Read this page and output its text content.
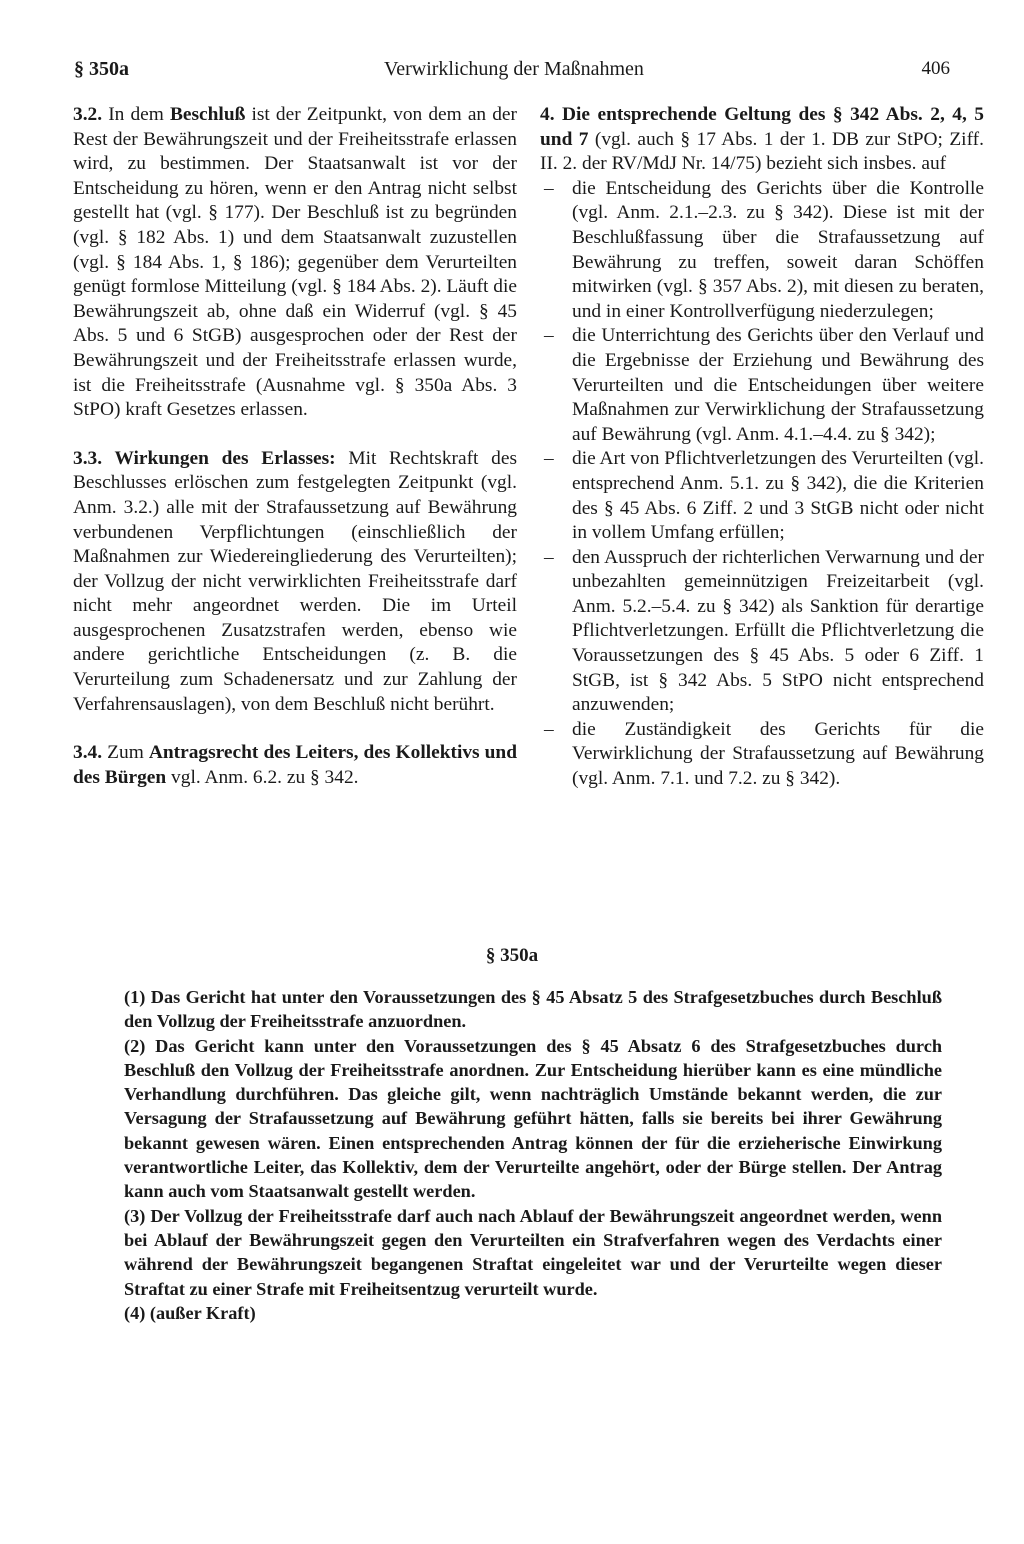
§ 350a	Verwirklichung der Maßnahmen	406

3.2. In dem Beschluß ist der Zeitpunkt, von dem an der Rest der Bewährungszeit und der Freiheitsstrafe erlassen wird, zu bestimmen. Der Staatsanwalt ist vor der Entscheidung zu hören, wenn er den Antrag nicht selbst gestellt hat (vgl. § 177). Der Beschluß ist zu begründen (vgl. § 182 Abs. 1) und dem Staatsanwalt zuzustellen (vgl. § 184 Abs. 1, § 186); gegenüber dem Verurteilten genügt formlose Mitteilung (vgl. § 184 Abs. 2). Läuft die Bewährungszeit ab, ohne daß ein Widerruf (vgl. § 45 Abs. 5 und 6 StGB) ausgesprochen oder der Rest der Bewährungszeit und der Freiheitsstrafe erlassen wurde, ist die Freiheitsstrafe (Ausnahme vgl. § 350a Abs. 3 StPO) kraft Gesetzes erlassen.

3.3. Wirkungen des Erlasses: Mit Rechtskraft des Beschlusses erlöschen zum festgelegten Zeitpunkt (vgl. Anm. 3.2.) alle mit der Strafaussetzung auf Bewährung verbundenen Verpflichtungen (einschließlich der Maßnahmen zur Wiedereingliederung des Verurteilten); der Vollzug der nicht verwirklichten Freiheitsstrafe darf nicht mehr angeordnet werden. Die im Urteil ausgesprochenen Zusatzstrafen werden, ebenso wie andere gerichtliche Entscheidungen (z. B. die Verurteilung zum Schadenersatz und zur Zahlung der Verfahrensauslagen), von dem Beschluß nicht berührt.

3.4. Zum Antragsrecht des Leiters, des Kollektivs und des Bürgen vgl. Anm. 6.2. zu § 342.

4. Die entsprechende Geltung des § 342 Abs. 2, 4, 5 und 7 (vgl. auch § 17 Abs. 1 der 1. DB zur StPO; Ziff. II. 2. der RV/MdJ Nr. 14/75) bezieht sich insbes. auf

– die Entscheidung des Gerichts über die Kontrolle (vgl. Anm. 2.1.–2.3. zu § 342). Diese ist mit der Beschlußfassung über die Strafaussetzung auf Bewährung zu treffen, soweit daran Schöffen mitwirken (vgl. § 357 Abs. 2), mit diesen zu beraten, und in einer Kontrollverfügung niederzulegen;
– die Unterrichtung des Gerichts über den Verlauf und die Ergebnisse der Erziehung und Bewährung des Verurteilten und die Entscheidungen über weitere Maßnahmen zur Verwirklichung der Strafaussetzung auf Bewährung (vgl. Anm. 4.1.–4.4. zu § 342);
– die Art von Pflichtverletzungen des Verurteilten (vgl. entsprechend Anm. 5.1. zu § 342), die die Kriterien des § 45 Abs. 6 Ziff. 2 und 3 StGB nicht oder nicht in vollem Umfang erfüllen;
– den Ausspruch der richterlichen Verwarnung und der unbezahlten gemeinnützigen Freizeitarbeit (vgl. Anm. 5.2.–5.4. zu § 342) als Sanktion für derartige Pflichtverletzungen. Erfüllt die Pflichtverletzung die Voraussetzungen des § 45 Abs. 5 oder 6 Ziff. 1 StGB, ist § 342 Abs. 5 StPO nicht entsprechend anzuwenden;
– die Zuständigkeit des Gerichts für die Verwirklichung der Strafaussetzung auf Bewährung (vgl. Anm. 7.1. und 7.2. zu § 342).
§ 350a

(1) Das Gericht hat unter den Voraussetzungen des § 45 Absatz 5 des Strafgesetzbuches durch Beschluß den Vollzug der Freiheitsstrafe anzuordnen.

(2) Das Gericht kann unter den Voraussetzungen des § 45 Absatz 6 des Strafgesetzbuches durch Beschluß den Vollzug der Freiheitsstrafe anordnen. Zur Entscheidung hierüber kann es eine mündliche Verhandlung durchführen. Das gleiche gilt, wenn nachträglich Umstände bekannt werden, die zur Versagung der Strafaussetzung auf Bewährung geführt hätten, falls sie bereits bei ihrer Gewährung bekannt gewesen wären. Einen entsprechenden Antrag können der für die erzieherische Einwirkung verantwortliche Leiter, das Kollektiv, dem der Verurteilte angehört, oder der Bürge stellen. Der Antrag kann auch vom Staatsanwalt gestellt werden.

(3) Der Vollzug der Freiheitsstrafe darf auch nach Ablauf der Bewährungszeit angeordnet werden, wenn bei Ablauf der Bewährungszeit gegen den Verurteilten ein Strafverfahren wegen des Verdachts einer während der Bewährungszeit begangenen Straftat eingeleitet war und der Verurteilte wegen dieser Straftat zu einer Strafe mit Freiheitsentzug verurteilt wurde.

(4) (außer Kraft)
